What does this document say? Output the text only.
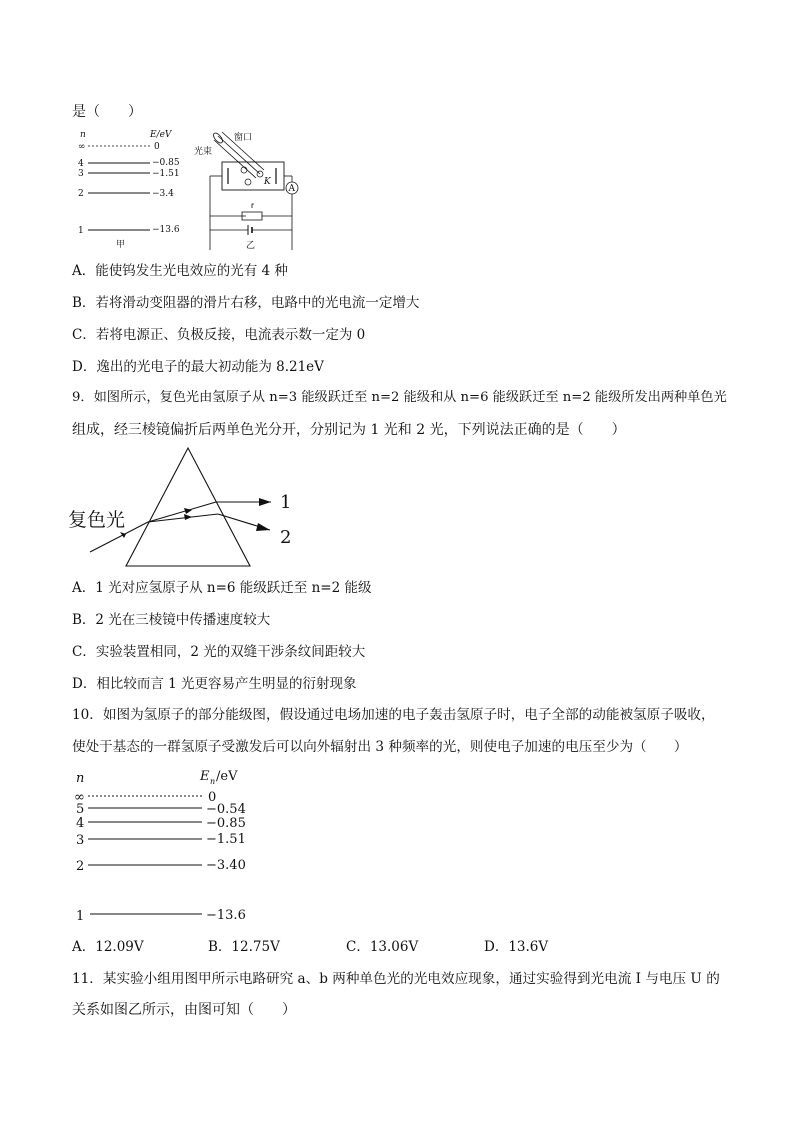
是（　　）
n	E/eV
∞	0
4	−0.85
3	−1.51
2	−3.4
1	−13.6
甲
窗口
光束
K
A
乙
A．能使钨发生光电效应的光有 4 种
B．若将滑动变阻器的滑片右移，电路中的光电流一定增大
C．若将电源正、负极反接，电流表示数一定为 0
D．逸出的光电子的最大初动能为 8.21eV
9．如图所示，复色光由氢原子从 n=3 能级跃迁至 n=2 能级和从 n=6 能级跃迁至 n=2 能级所发出两种单色光
组成，经三棱镜偏折后两单色光分开，分别记为 1 光和 2 光，下列说法正确的是（　　）
复色光
1
2
A．1 光对应氢原子从 n=6 能级跃迁至 n=2 能级
B．2 光在三棱镜中传播速度较大
C．实验装置相同，2 光的双缝干涉条纹间距较大
D．相比较而言 1 光更容易产生明显的衍射现象
10．如图为氢原子的部分能级图，假设通过电场加速的电子轰击氢原子时，电子全部的动能被氢原子吸收，
使处于基态的一群氢原子受激发后可以向外辐射出 3 种频率的光，则使电子加速的电压至少为（　　）
n	E n /eV
∞	0
5	−0.54
4	−0.85
3	−1.51
2	−3.40
1	−13.6
A．12.09V	B．12.75V	C．13.06V	D．13.6V
11．某实验小组用图甲所示电路研究 a、b 两种单色光的光电效应现象，通过实验得到光电流 I 与电压 U 的
关系如图乙所示，由图可知（　　）
